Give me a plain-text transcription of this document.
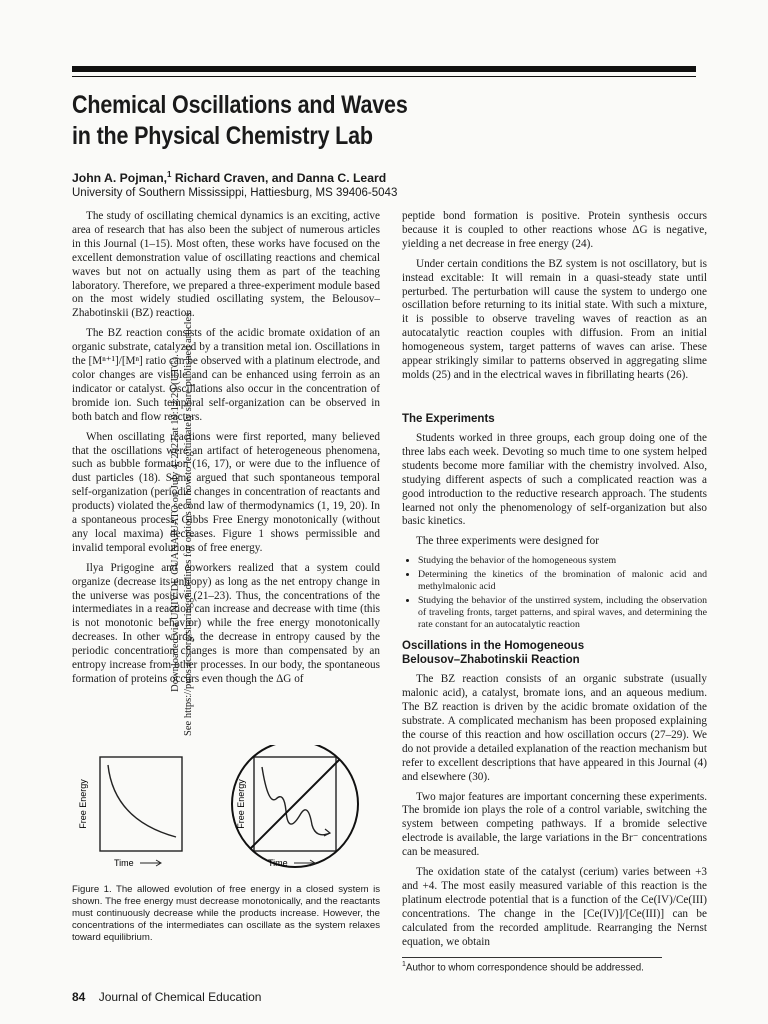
Downloaded via UNIV DE GUANAJUATO on July 4, 2022 at 19:12:29 (UTC). See https://pubs.acs.org/sharingguidelines for options on how to legitimately share published articles.
Chemical Oscillations and Waves
in the Physical Chemistry Lab
John A. Pojman,$^1$ Richard Craven, and Danna C. Leard
University of Southern Mississippi, Hattiesburg, MS 39406-5043

The study of oscillating chemical dynamics is an exciting, active area of research that has also been the subject of numerous articles in this Journal (1–15). Most often, these works have focused on the excellent demonstration value of oscillating reactions and chemical waves but not on actually using them as part of the teaching laboratory. Therefore, we prepared a three-experiment module based on the most widely studied oscillating system, the Belousov–Zhabotinskii (BZ) reaction.

The BZ reaction consists of the acidic bromate oxidation of an organic substrate, catalyzed by a transition metal ion. Oscillations in the [Mⁿ⁺¹]/[Mⁿ] ratio can be observed with a platinum electrode, and color changes are visible and can be enhanced using ferroin as an indicator or catalyst. Oscillations also occur in the concentration of bromide ion. Such temporal self-organization can be observed in both batch and flow reactors.

When oscillating reactions were first reported, many believed that the oscillations were an artifact of heterogeneous phenomena, such as bubble formation (16, 17), or were due to the influence of dust particles (18). Some argued that such spontaneous temporal self-organization (periodic changes in concentration of reactants and products) violated the second law of thermodynamics (1, 19, 20). In a spontaneous process, Gibbs Free Energy monotonically (without any local maxima) decreases. Figure 1 shows permissible and invalid temporal evolutions of free energy.

Ilya Prigogine and coworkers realized that a system could organize (decrease its entropy) as long as the net entropy change in the universe was positive (21–23). Thus, the concentrations of the intermediates in a reaction can increase and decrease with time (this is not monotonic behavior) while the free energy monotonically decreases. In other words, the decrease in entropy caused by the periodic concentration changes is more than compensated by an entropy increase from other processes. In our body, the spontaneous formation of proteins occurs even though the ΔG of

peptide bond formation is positive. Protein synthesis occurs because it is coupled to other reactions whose ΔG is negative, yielding a net decrease in free energy (24).

Under certain conditions the BZ system is not oscillatory, but is instead excitable: It will remain in a quasi-steady state until perturbed. The perturbation will cause the system to undergo one oscillation before returning to its initial state. With such a mixture, it is possible to observe traveling waves of reaction as an autocatalytic reaction couples with diffusion. From an initial homogeneous system, target patterns of waves can arise. These appear strikingly similar to patterns observed in aggregating slime molds (25) and in the electrical waves in fibrillating hearts (26).

The Experiments

Students worked in three groups, each group doing one of the three labs each week. Devoting so much time to one system helped students become more familiar with the chemistry involved. Also, studying different aspects of such a complicated reaction was a good introduction to the reductive research approach. The students learned not only the phenomenology of self-organization but also basic kinetics.

The three experiments were designed for

• Studying the behavior of the homogeneous system
• Determining the kinetics of the bromination of malonic acid and methylmalonic acid
• Studying the behavior of the unstirred system, including the observation of traveling fronts, target patterns, and spiral waves, and determining the rate constant for an autocatalytic reaction
Oscillations in the Homogeneous
Belousov–Zhabotinskii Reaction

The BZ reaction consists of an organic substrate (usually malonic acid), a catalyst, bromate ions, and an aqueous medium. The BZ reaction is driven by the acidic bromate oxidation of the substrate. A complicated mechanism has been proposed explaining the course of this reaction and how oscillation occurs (27–29). We do not provide a detailed explanation of the reaction mechanism but refer to excellent descriptions that have appeared in this Journal (4) and elsewhere (30).

Two major features are important concerning these experiments. The bromide ion plays the role of a control variable, switching the system between competing pathways. If a bromide selective electrode is available, the large variations in the Br⁻ concentrations can be measured.

The oxidation state of the catalyst (cerium) varies between +3 and +4. The most easily measured variable of this reaction is the platinum electrode potential that is a function of the Ce(IV)/Ce(III) concentrations. The change in the [Ce(IV)]/[Ce(III)] can be calculated from the recorded amplitude. Rearranging the Nernst equation, we obtain

Free Energy
Time
Free Energy
Time
Figure 1. The allowed evolution of free energy in a closed system is shown. The free energy must decrease monotonically, and the reactants must continuously decrease while the products increase. However, the concentrations of the intermediates can oscillate as the system relaxes toward equilibrium.
$^1$Author to whom correspondence should be addressed.
84 Journal of Chemical Education
